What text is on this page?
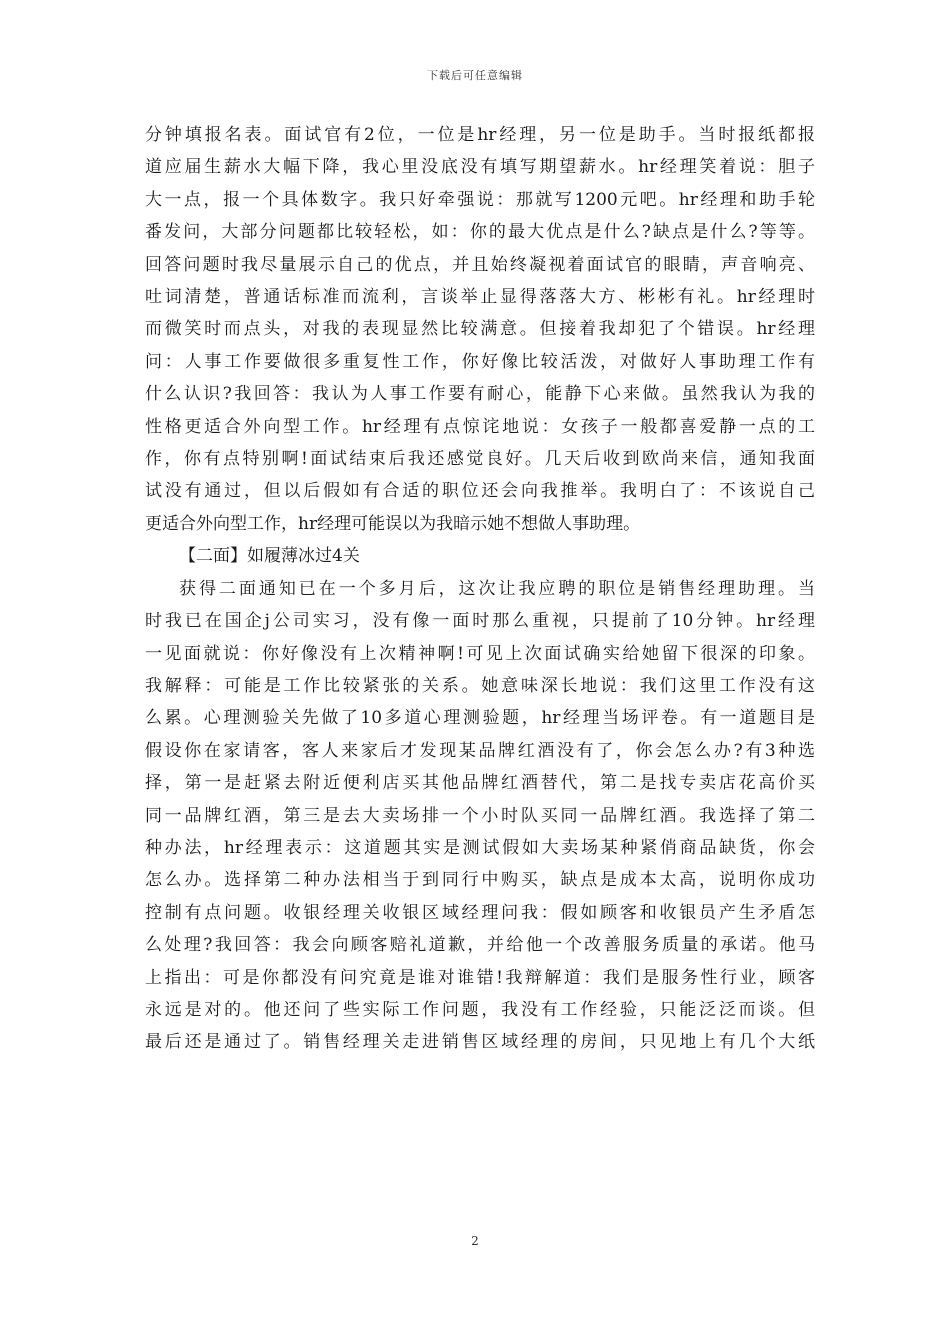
下载后可任意编辑

分钟填报名表。面试官有2位，一位是hr经理，另一位是助手。当时报纸都报
道应届生薪水大幅下降，我心里没底没有填写期望薪水。hr经理笑着说：胆子
大一点，报一个具体数字。我只好牵强说：那就写1200元吧。hr经理和助手轮
番发问，大部分问题都比较轻松，如：你的最大优点是什么?缺点是什么?等等。
回答问题时我尽量展示自己的优点，并且始终凝视着面试官的眼睛，声音响亮、
吐词清楚，普通话标准而流利，言谈举止显得落落大方、彬彬有礼。hr经理时
而微笑时而点头，对我的表现显然比较满意。但接着我却犯了个错误。hr经理
问：人事工作要做很多重复性工作，你好像比较活泼，对做好人事助理工作有
什么认识?我回答：我认为人事工作要有耐心，能静下心来做。虽然我认为我的
性格更适合外向型工作。hr经理有点惊诧地说：女孩子一般都喜爱静一点的工
作，你有点特别啊!面试结束后我还感觉良好。几天后收到欧尚来信，通知我面
试没有通过，但以后假如有合适的职位还会向我推举。我明白了：不该说自己
更适合外向型工作，hr经理可能误以为我暗示她不想做人事助理。

【二面】如履薄冰过4关

获得二面通知已在一个多月后，这次让我应聘的职位是销售经理助理。当
时我已在国企j公司实习，没有像一面时那么重视，只提前了10分钟。hr经理
一见面就说：你好像没有上次精神啊!可见上次面试确实给她留下很深的印象。
我解释：可能是工作比较紧张的关系。她意味深长地说：我们这里工作没有这
么累。心理测验关先做了10多道心理测验题，hr经理当场评卷。有一道题目是
假设你在家请客，客人来家后才发现某品牌红酒没有了，你会怎么办?有3种选
择，第一是赶紧去附近便利店买其他品牌红酒替代，第二是找专卖店花高价买
同一品牌红酒，第三是去大卖场排一个小时队买同一品牌红酒。我选择了第二
种办法，hr经理表示：这道题其实是测试假如大卖场某种紧俏商品缺货，你会
怎么办。选择第二种办法相当于到同行中购买，缺点是成本太高，说明你成功
控制有点问题。收银经理关收银区域经理问我：假如顾客和收银员产生矛盾怎
么处理?我回答：我会向顾客赔礼道歉，并给他一个改善服务质量的承诺。他马
上指出：可是你都没有问究竟是谁对谁错!我辩解道：我们是服务性行业，顾客
永远是对的。他还问了些实际工作问题，我没有工作经验，只能泛泛而谈。但
最后还是通过了。销售经理关走进销售区域经理的房间，只见地上有几个大纸

2
